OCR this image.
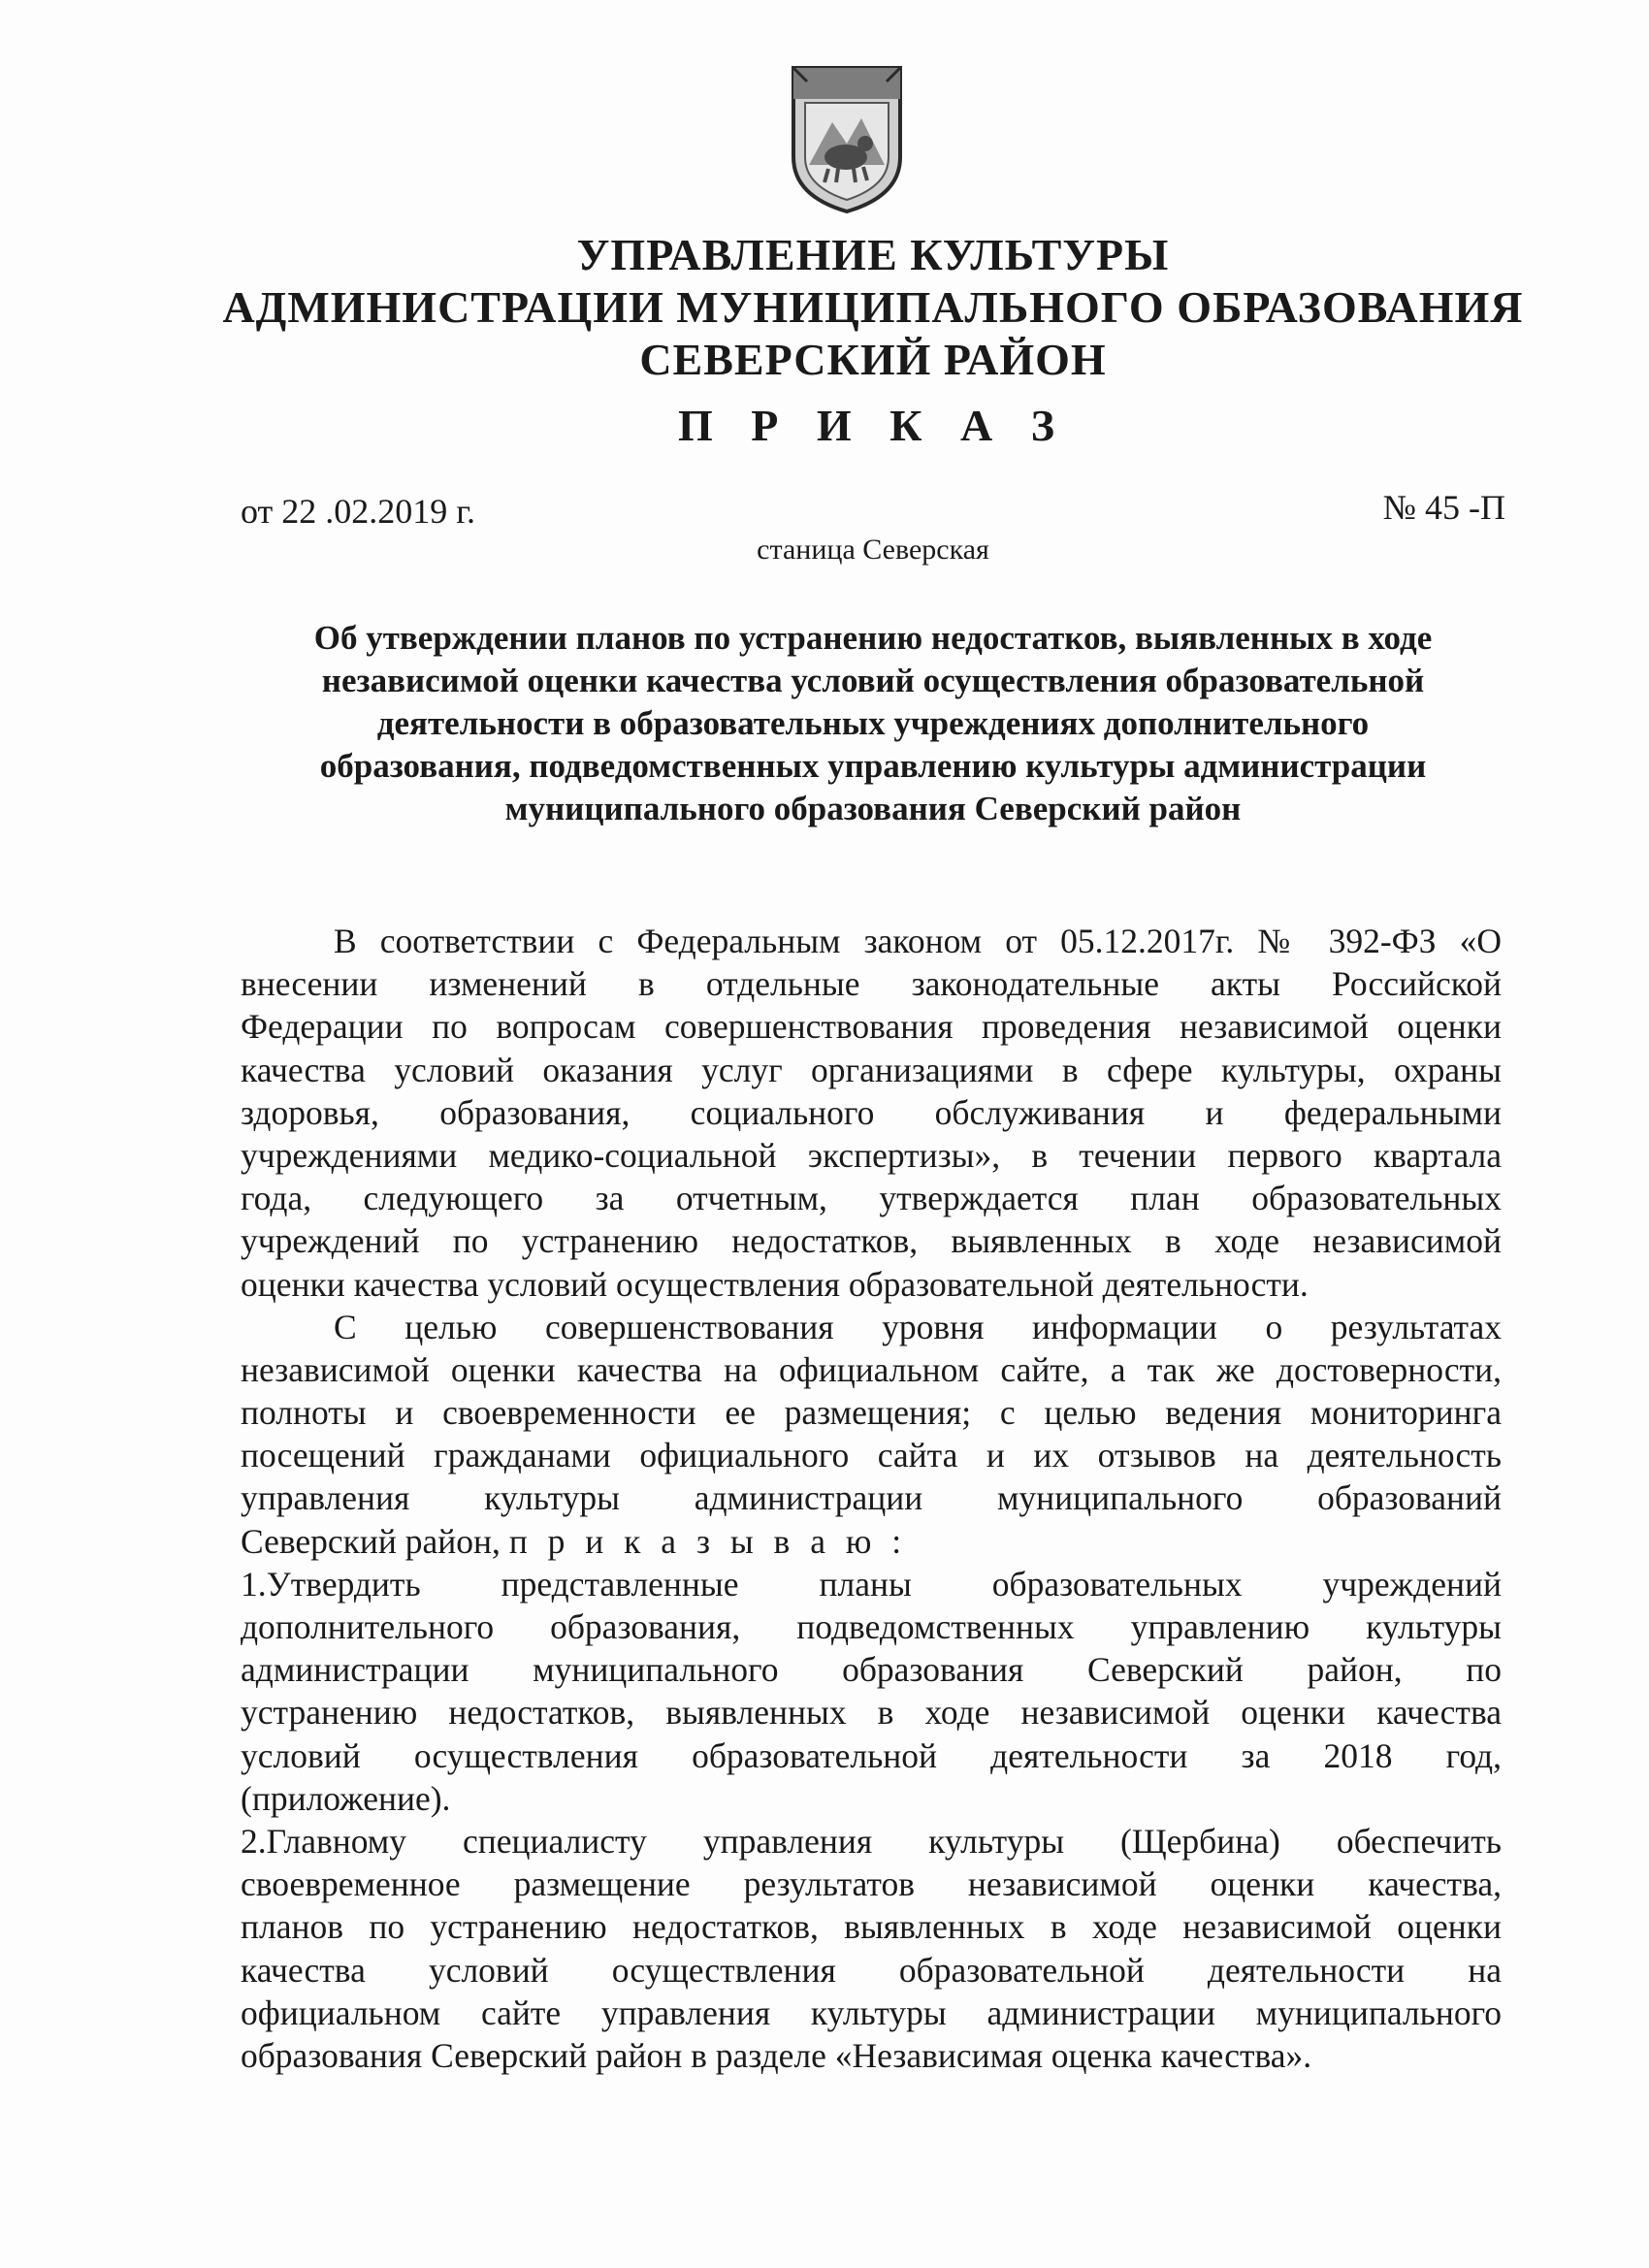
УПРАВЛЕНИЕ КУЛЬТУРЫ
АДМИНИСТРАЦИИ МУНИЦИПАЛЬНОГО ОБРАЗОВАНИЯ
СЕВЕРСКИЙ РАЙОН
П Р И К А З
от 22 .02.2019 г.	№ 45 -П
станица Северская
Об утверждении планов по устранению недостатков, выявленных в ходе
независимой оценки качества условий осуществления образовательной
деятельности в образовательных учреждениях дополнительного
образования, подведомственных управлению культуры администрации
муниципального образования Северский район
В соответствии с Федеральным законом от 05.12.2017г. № 392-ФЗ «О
внесении изменений в отдельные законодательные акты Российской
Федерации по вопросам совершенствования проведения независимой оценки
качества условий оказания услуг организациями в сфере культуры, охраны
здоровья, образования, социального обслуживания и федеральными
учреждениями медико-социальной экспертизы», в течении первого квартала
года, следующего за отчетным, утверждается план образовательных
учреждений по устранению недостатков, выявленных в ходе независимой
оценки качества условий осуществления образовательной деятельности.
С целью совершенствования уровня информации о результатах
независимой оценки качества на официальном сайте, а так же достоверности,
полноты и своевременности ее размещения; с целью ведения мониторинга
посещений гражданами официального сайта и их отзывов на деятельность
управления культуры администрации муниципального образований
Северский район, п р и к а з ы в а ю :
1.Утвердить представленные планы образовательных учреждений
дополнительного образования, подведомственных управлению культуры
администрации муниципального образования Северский район, по
устранению недостатков, выявленных в ходе независимой оценки качества
условий осуществления образовательной деятельности за 2018 год,
(приложение).
2.Главному специалисту управления культуры (Щербина) обеспечить
своевременное размещение результатов независимой оценки качества,
планов по устранению недостатков, выявленных в ходе независимой оценки
качества условий осуществления образовательной деятельности на
официальном сайте управления культуры администрации муниципального
образования Северский район в разделе «Независимая оценка качества».
